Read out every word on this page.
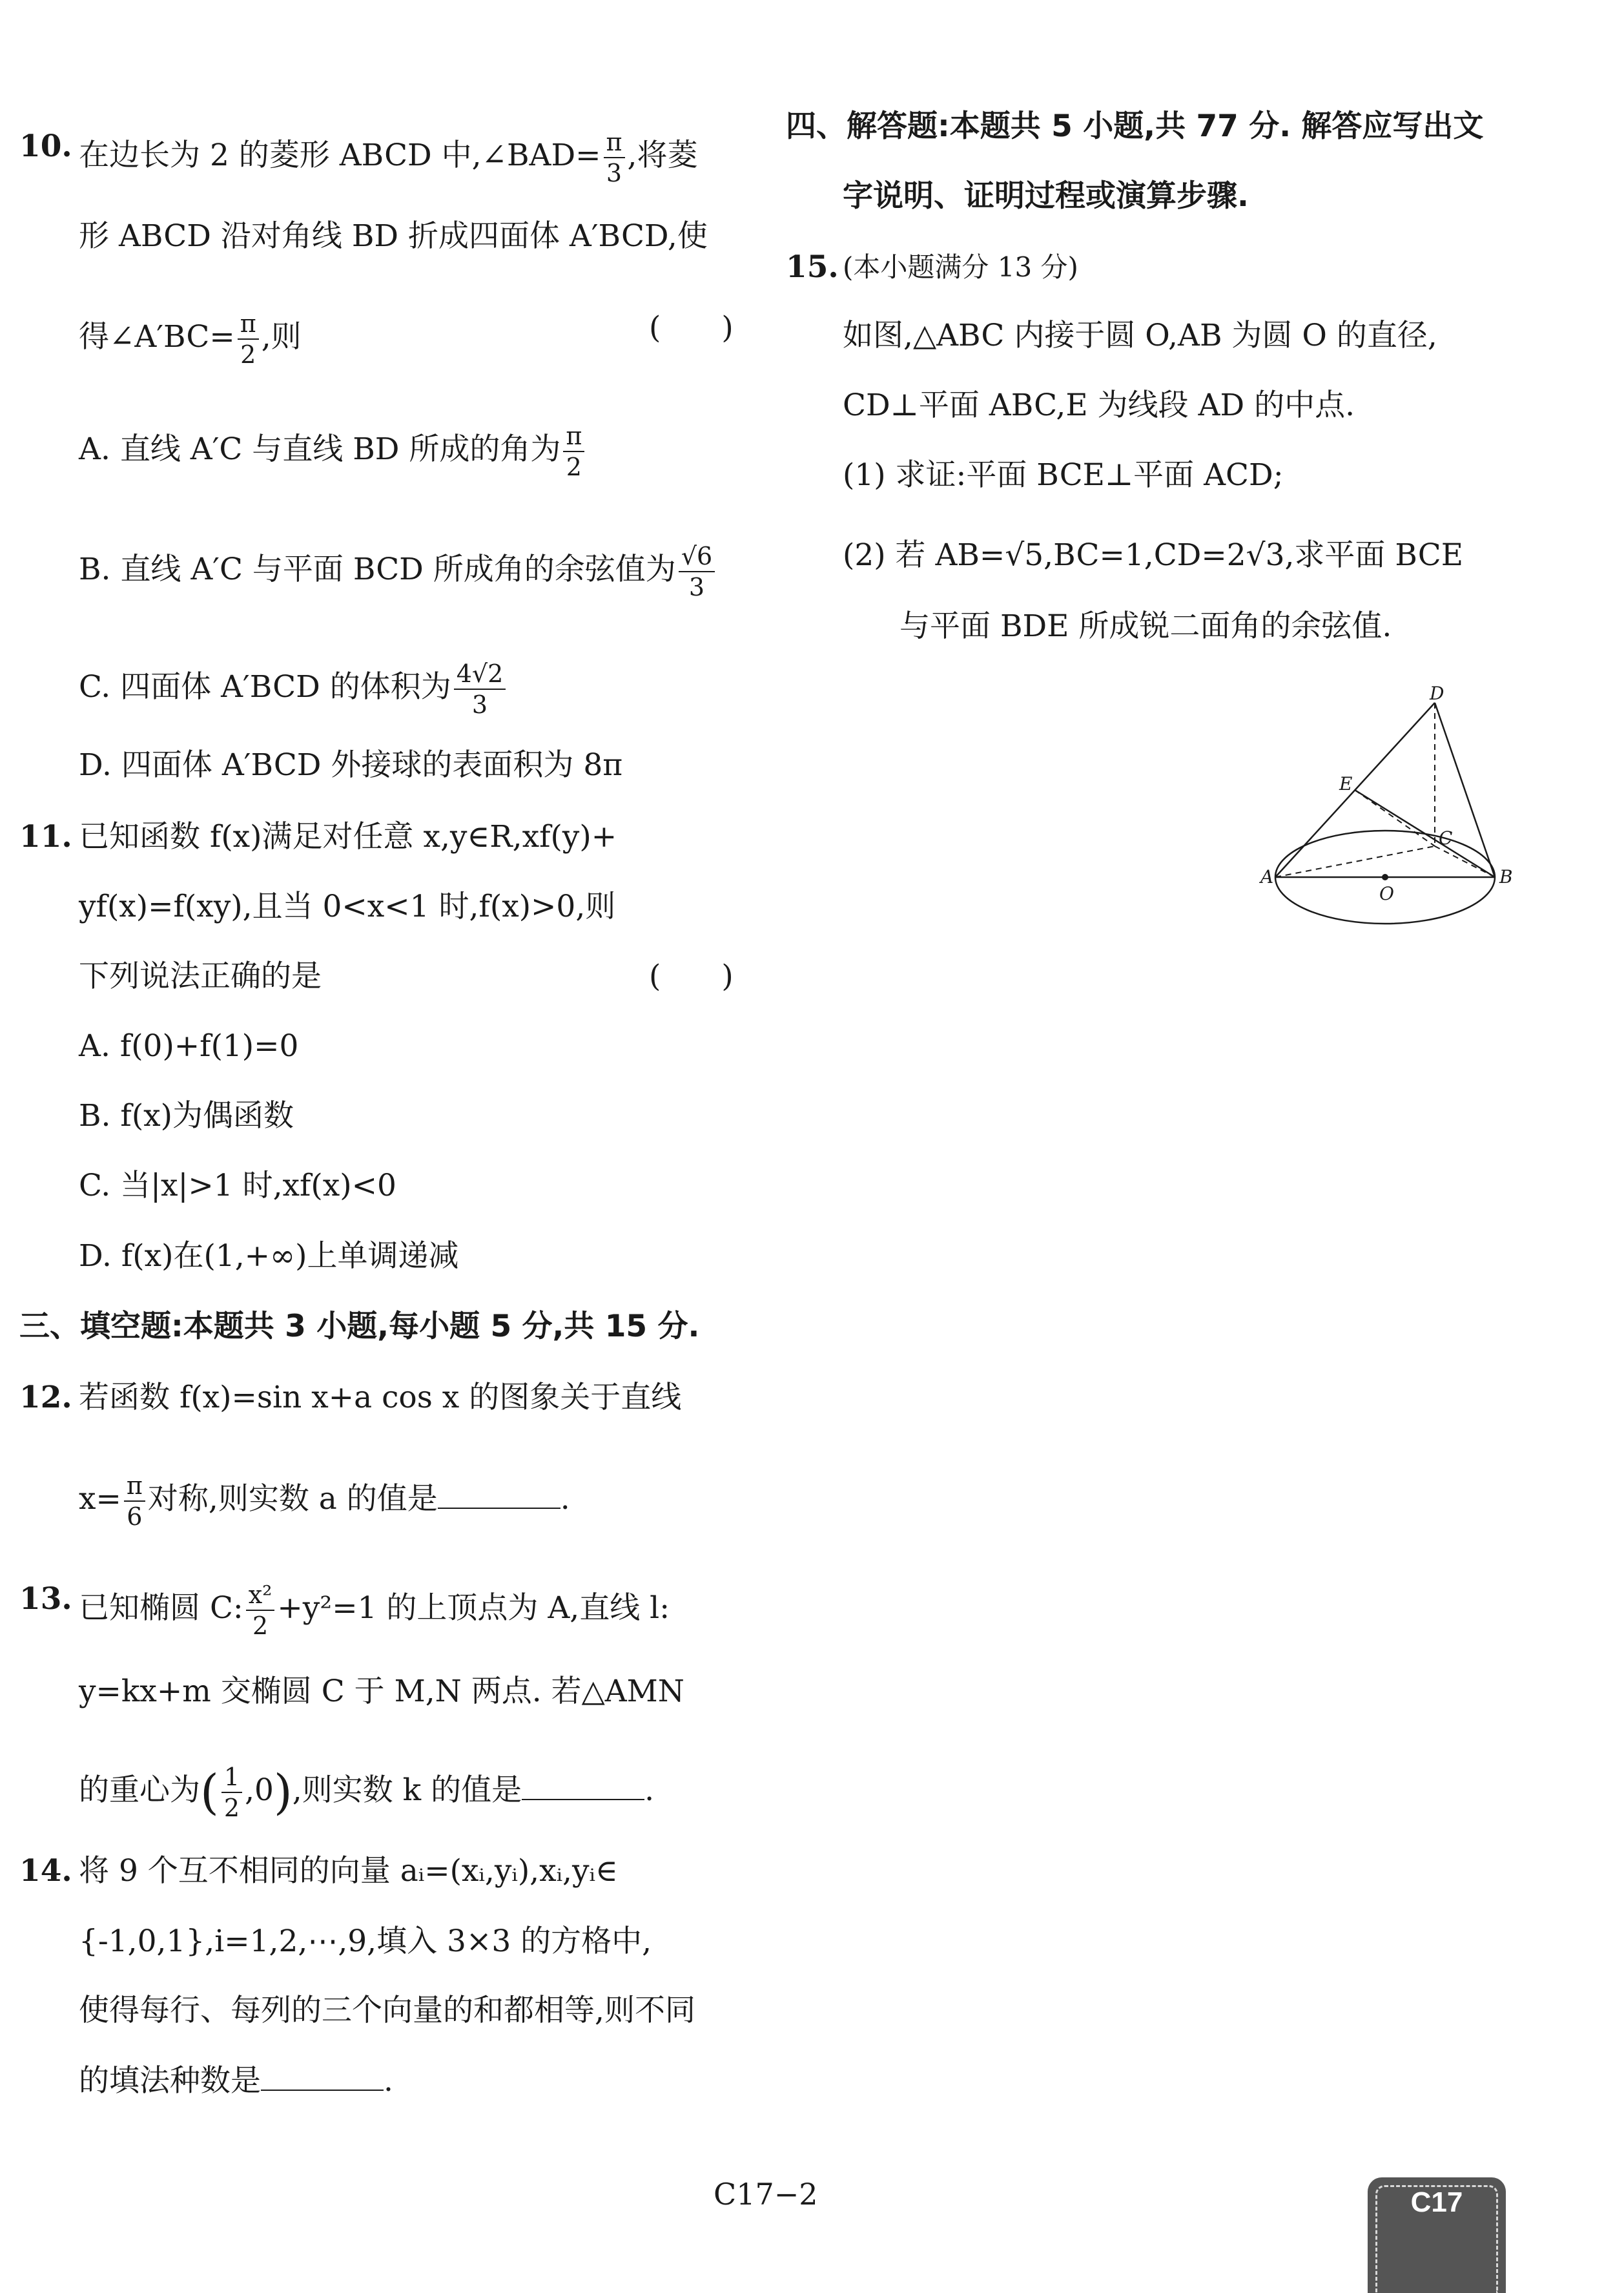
10. 在边长为 2 的菱形 ABCD 中,∠BAD= $\frac{\pi}{3}$ ,将菱
形 ABCD 沿对角线 BD 折成四面体 A′BCD,使
得∠A′BC= $\frac{\pi}{2}$ ,则	(　　)
A. 直线 A′C 与直线 BD 所成的角为 $\frac{\pi}{2}$
B. 直线 A′C 与平面 BCD 所成角的余弦值为 $\frac{√6}{3}$
C. 四面体 A′BCD 的体积为 $\frac{4√2}{3}$
D. 四面体 A′BCD 外接球的表面积为 8π
11. 已知函数 f(x)满足对任意 x,y∈R,xf(y)+
yf(x)=f(xy),且当 0<x<1 时,f(x)>0,则
下列说法正确的是	(　　)
A. f(0)+f(1)=0
B. f(x)为偶函数
C. 当|x|>1 时,xf(x)<0
D. f(x)在(1,+∞)上单调递减
三、填空题:本题共 3 小题,每小题 5 分,共 15 分.
12. 若函数 f(x)=sin x+a cos x 的图象关于直线
$x= \frac{\pi}{6}$ 对称,则实数 a 的值是	.
13. 已知椭圆 C: $\frac{\text{x²}}{2} +y^2=1$ 的上顶点为 A,直线 l:
y=kx+m 交椭圆 C 于 M,N 两点. 若△AMN
的重心为( $\frac{1}{2} ,0$),则实数 k 的值是	.
14. 将 9 个互不相同的向量 aᵢ=(xᵢ,yᵢ),xᵢ,yᵢ∈
{-1,0,1},i=1,2,⋯,9,填入 3×3 的方格中,
使得每行、每列的三个向量的和都相等,则不同
的填法种数是	.
四、解答题:本题共 5 小题,共 77 分. 解答应写出文
字说明、证明过程或演算步骤.
15. (本小题满分 13 分)
如图,△ABC 内接于圆 O,AB 为圆 O 的直径,
CD⊥平面 ABC,E 为线段 AD 的中点.
(1) 求证:平面 BCE⊥平面 ACD;
(2) 若 AB=√5,BC=1,CD=2√3,求平面 BCE
与平面 BDE 所成锐二面角的余弦值.
D
E
C
A	B
O
C17−2	C17
